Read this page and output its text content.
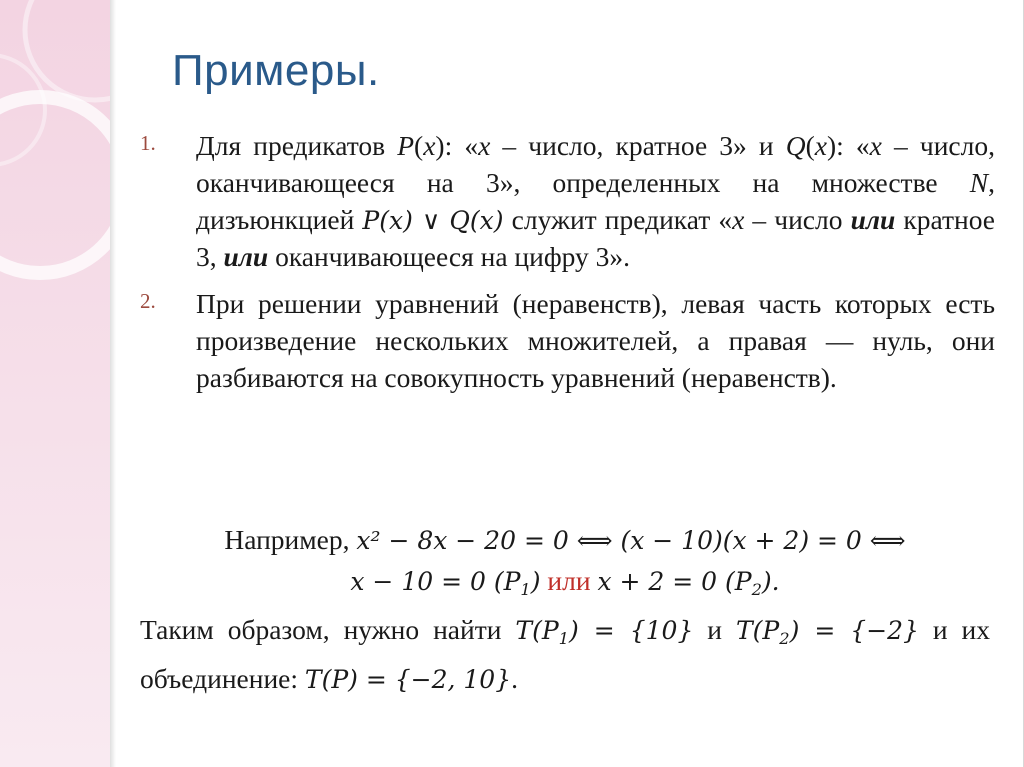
Примеры.
1.	Для предикатов P(x): «x – число, кратное 3» и Q(x): «x – число, оканчивающееся на 3», определенных на множестве N, дизъюнкцией P(x) ∨ Q(x) служит предикат «x – число или кратное 3, или оканчивающееся на цифру 3».
2.	При решении уравнений (неравенств), левая часть которых есть произведение нескольких множителей, а правая — нуль, они разбиваются на совокупность уравнений (неравенств).
Например, x² − 8x − 20 = 0 ⟺ (x − 10)(x + 2) = 0 ⟺
x − 10 = 0 $(P_1)$ или x + 2 = 0 $(P_2)$.
Таким образом, нужно найти $T(P_1) = \{10\}$ и $T(P_2) = \{-2\}$ и их объединение: T(P) = {−2, 10}.
